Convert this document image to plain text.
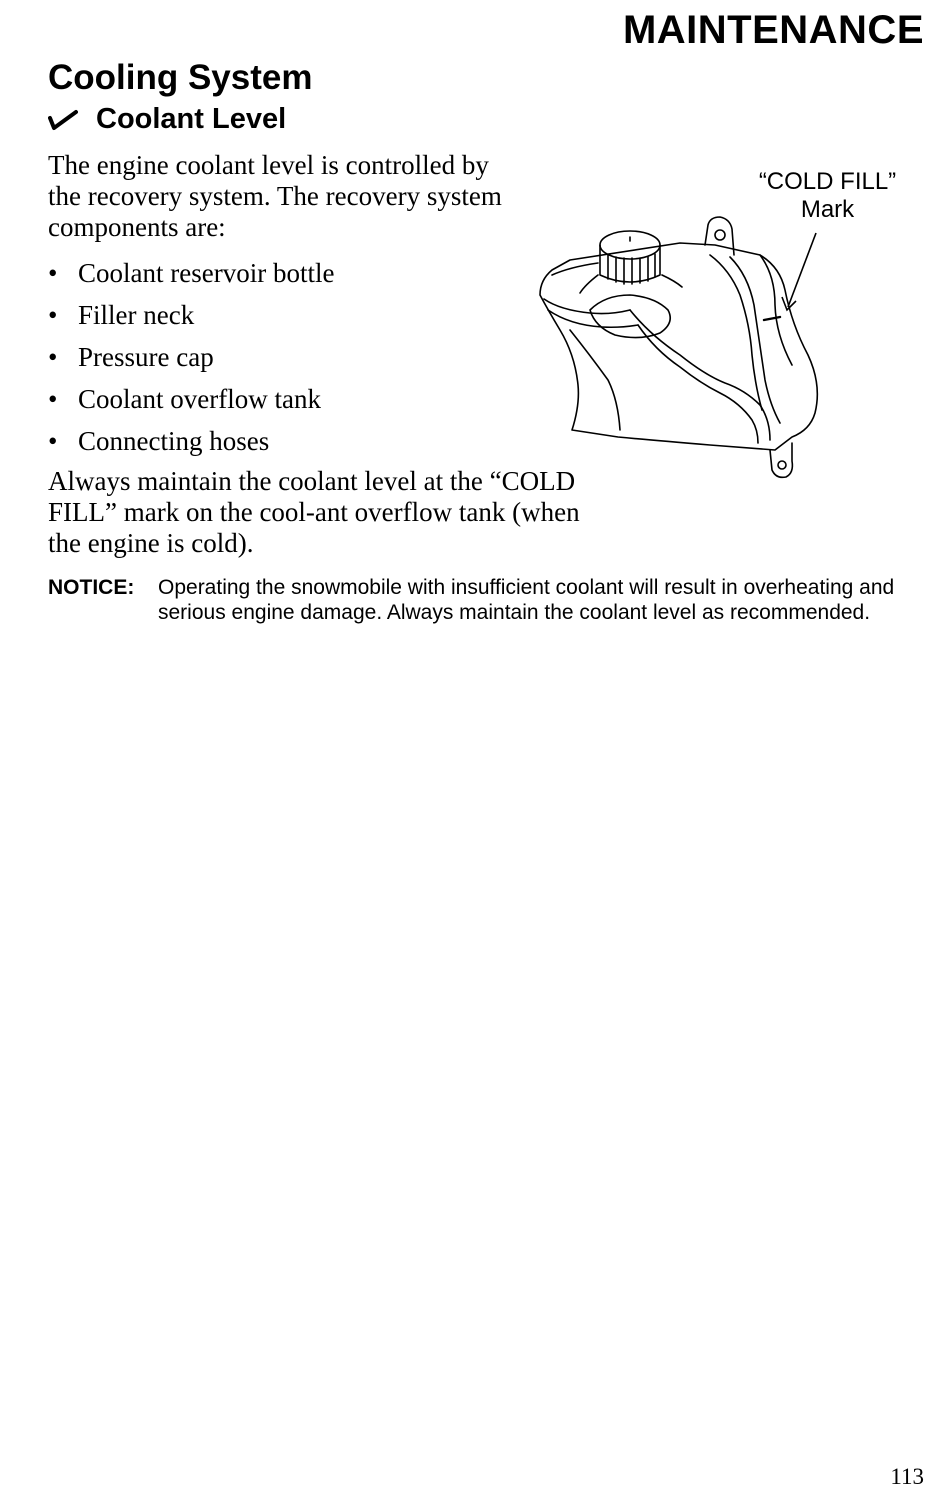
MAINTENANCE
Cooling System
Coolant Level

The engine coolant level is controlled by the recovery system. The recovery system components are:

• Coolant reservoir bottle
• Filler neck
• Pressure cap
• Coolant overflow tank
• Connecting hoses

Always maintain the coolant level at the “COLD FILL” mark on the cool-ant overflow tank (when the engine is cold).

NOTICE:	Operating the snowmobile with insufficient coolant will result in overheating and serious engine damage. Always maintain the coolant level as recommended.
“COLD FILL”
Mark
113
